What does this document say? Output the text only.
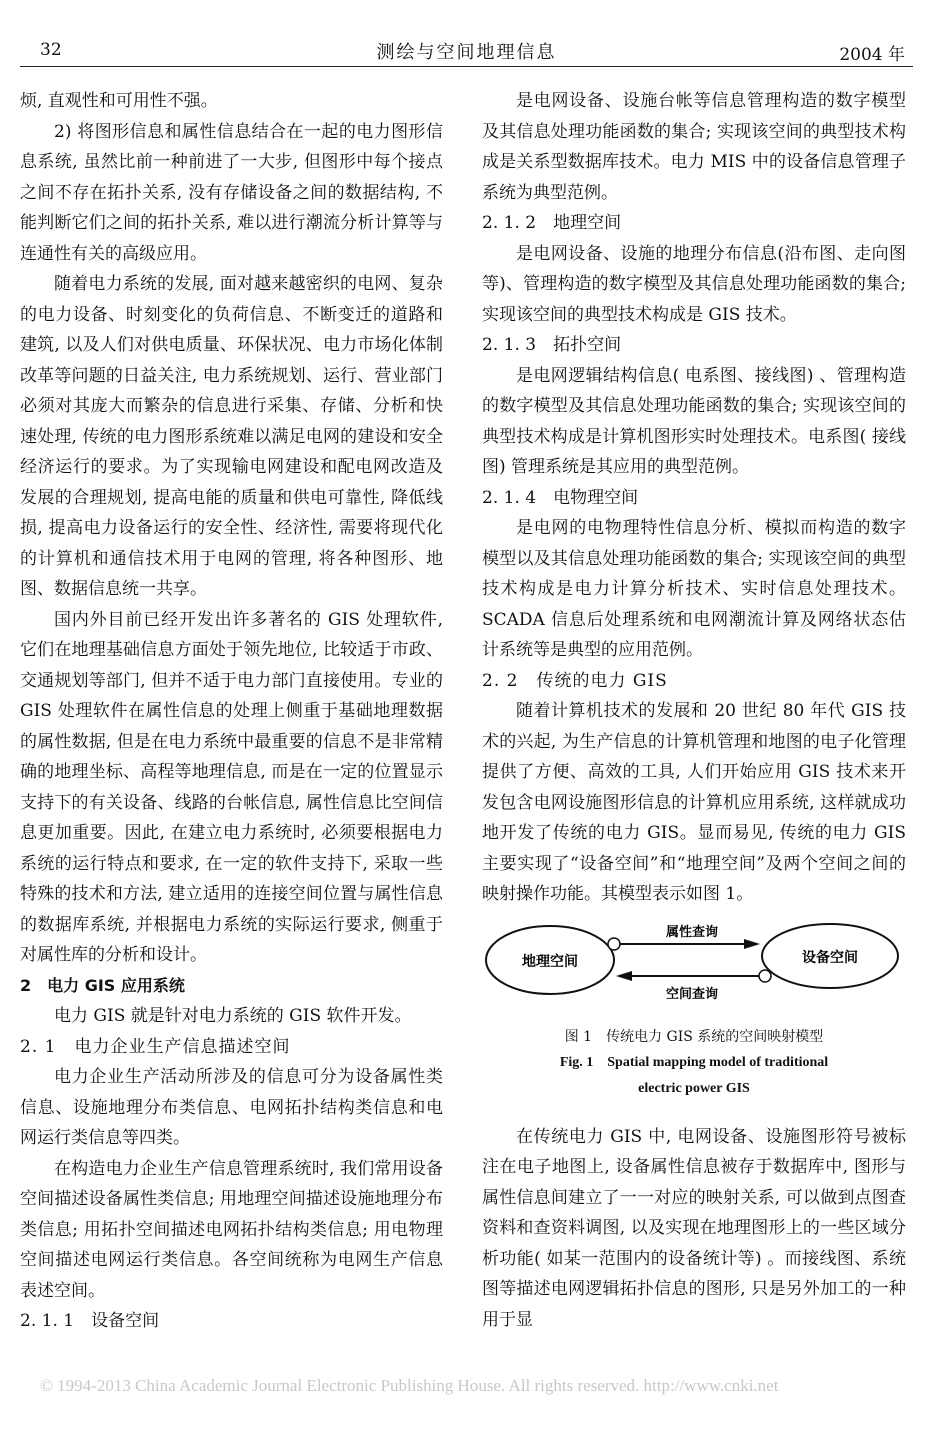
32	测绘与空间地理信息	2004 年

烦, 直观性和可用性不强。

2) 将图形信息和属性信息结合在一起的电力图形信息系统, 虽然比前一种前进了一大步, 但图形中每个接点之间不存在拓扑关系, 没有存储设备之间的数据结构, 不能判断它们之间的拓扑关系, 难以进行潮流分析计算等与连通性有关的高级应用。

随着电力系统的发展, 面对越来越密织的电网、复杂的电力设备、时刻变化的负荷信息、不断变迁的道路和建筑, 以及人们对供电质量、环保状况、电力市场化体制改革等问题的日益关注, 电力系统规划、运行、营业部门必须对其庞大而繁杂的信息进行采集、存储、分析和快速处理, 传统的电力图形系统难以满足电网的建设和安全经济运行的要求。为了实现输电网建设和配电网改造及发展的合理规划, 提高电能的质量和供电可靠性, 降低线损, 提高电力设备运行的安全性、经济性, 需要将现代化的计算机和通信技术用于电网的管理, 将各种图形、地图、数据信息统一共享。

国内外目前已经开发出许多著名的 GIS 处理软件, 它们在地理基础信息方面处于领先地位, 比较适于市政、交通规划等部门, 但并不适于电力部门直接使用。专业的 GIS 处理软件在属性信息的处理上侧重于基础地理数据的属性数据, 但是在电力系统中最重要的信息不是非常精确的地理坐标、高程等地理信息, 而是在一定的位置显示支持下的有关设备、线路的台帐信息, 属性信息比空间信息更加重要。因此, 在建立电力系统时, 必须要根据电力系统的运行特点和要求, 在一定的软件支持下, 采取一些特殊的技术和方法, 建立适用的连接空间位置与属性信息的数据库系统, 并根据电力系统的实际运行要求, 侧重于对属性库的分析和设计。

2　电力 GIS 应用系统

电力 GIS 就是针对电力系统的 GIS 软件开发。

2. 1　电力企业生产信息描述空间

电力企业生产活动所涉及的信息可分为设备属性类信息、设施地理分布类信息、电网拓扑结构类信息和电网运行类信息等四类。

在构造电力企业生产信息管理系统时, 我们常用设备空间描述设备属性类信息; 用地理空间描述设施地理分布类信息; 用拓扑空间描述电网拓扑结构类信息; 用电物理空间描述电网运行类信息。各空间统称为电网生产信息表述空间。

2. 1. 1　设备空间

是电网设备、设施台帐等信息管理构造的数字模型及其信息处理功能函数的集合; 实现该空间的典型技术构成是关系型数据库技术。电力 MIS 中的设备信息管理子系统为典型范例。

2. 1. 2　地理空间

是电网设备、设施的地理分布信息(沿布图、走向图等)、管理构造的数字模型及其信息处理功能函数的集合; 实现该空间的典型技术构成是 GIS 技术。

2. 1. 3　拓扑空间

是电网逻辑结构信息( 电系图、接线图) 、管理构造的数字模型及其信息处理功能函数的集合; 实现该空间的典型技术构成是计算机图形实时处理技术。电系图( 接线图) 管理系统是其应用的典型范例。

2. 1. 4　电物理空间

是电网的电物理特性信息分析、模拟而构造的数字模型以及其信息处理功能函数的集合; 实现该空间的典型技术构成是电力计算分析技术、实时信息处理技术。SCADA 信息后处理系统和电网潮流计算及网络状态估计系统等是典型的应用范例。

2. 2　传统的电力 GIS

随着计算机技术的发展和 20 世纪 80 年代 GIS 技术的兴起, 为生产信息的计算机管理和地图的电子化管理提供了方便、高效的工具, 人们开始应用 GIS 技术来开发包含电网设施图形信息的计算机应用系统, 这样就成功地开发了传统的电力 GIS。显而易见, 传统的电力 GIS 主要实现了“设备空间”和“地理空间”及两个空间之间的映射操作功能。其模型表示如图 1。

地理空间	设备空间
属性查询
空间查询
图 1　传统电力 GIS 系统的空间映射模型
Fig. 1　Spatial mapping model of traditional
electric power GIS

在传统电力 GIS 中, 电网设备、设施图形符号被标注在电子地图上, 设备属性信息被存于数据库中, 图形与属性信息间建立了一一对应的映射关系, 可以做到点图查资料和查资料调图, 以及实现在地理图形上的一些区域分析功能( 如某一范围内的设备统计等) 。而接线图、系统图等描述电网逻辑拓扑信息的图形, 只是另外加工的一种用于显

© 1994-2013 China Academic Journal Electronic Publishing House. All rights reserved. http://www.cnki.net
